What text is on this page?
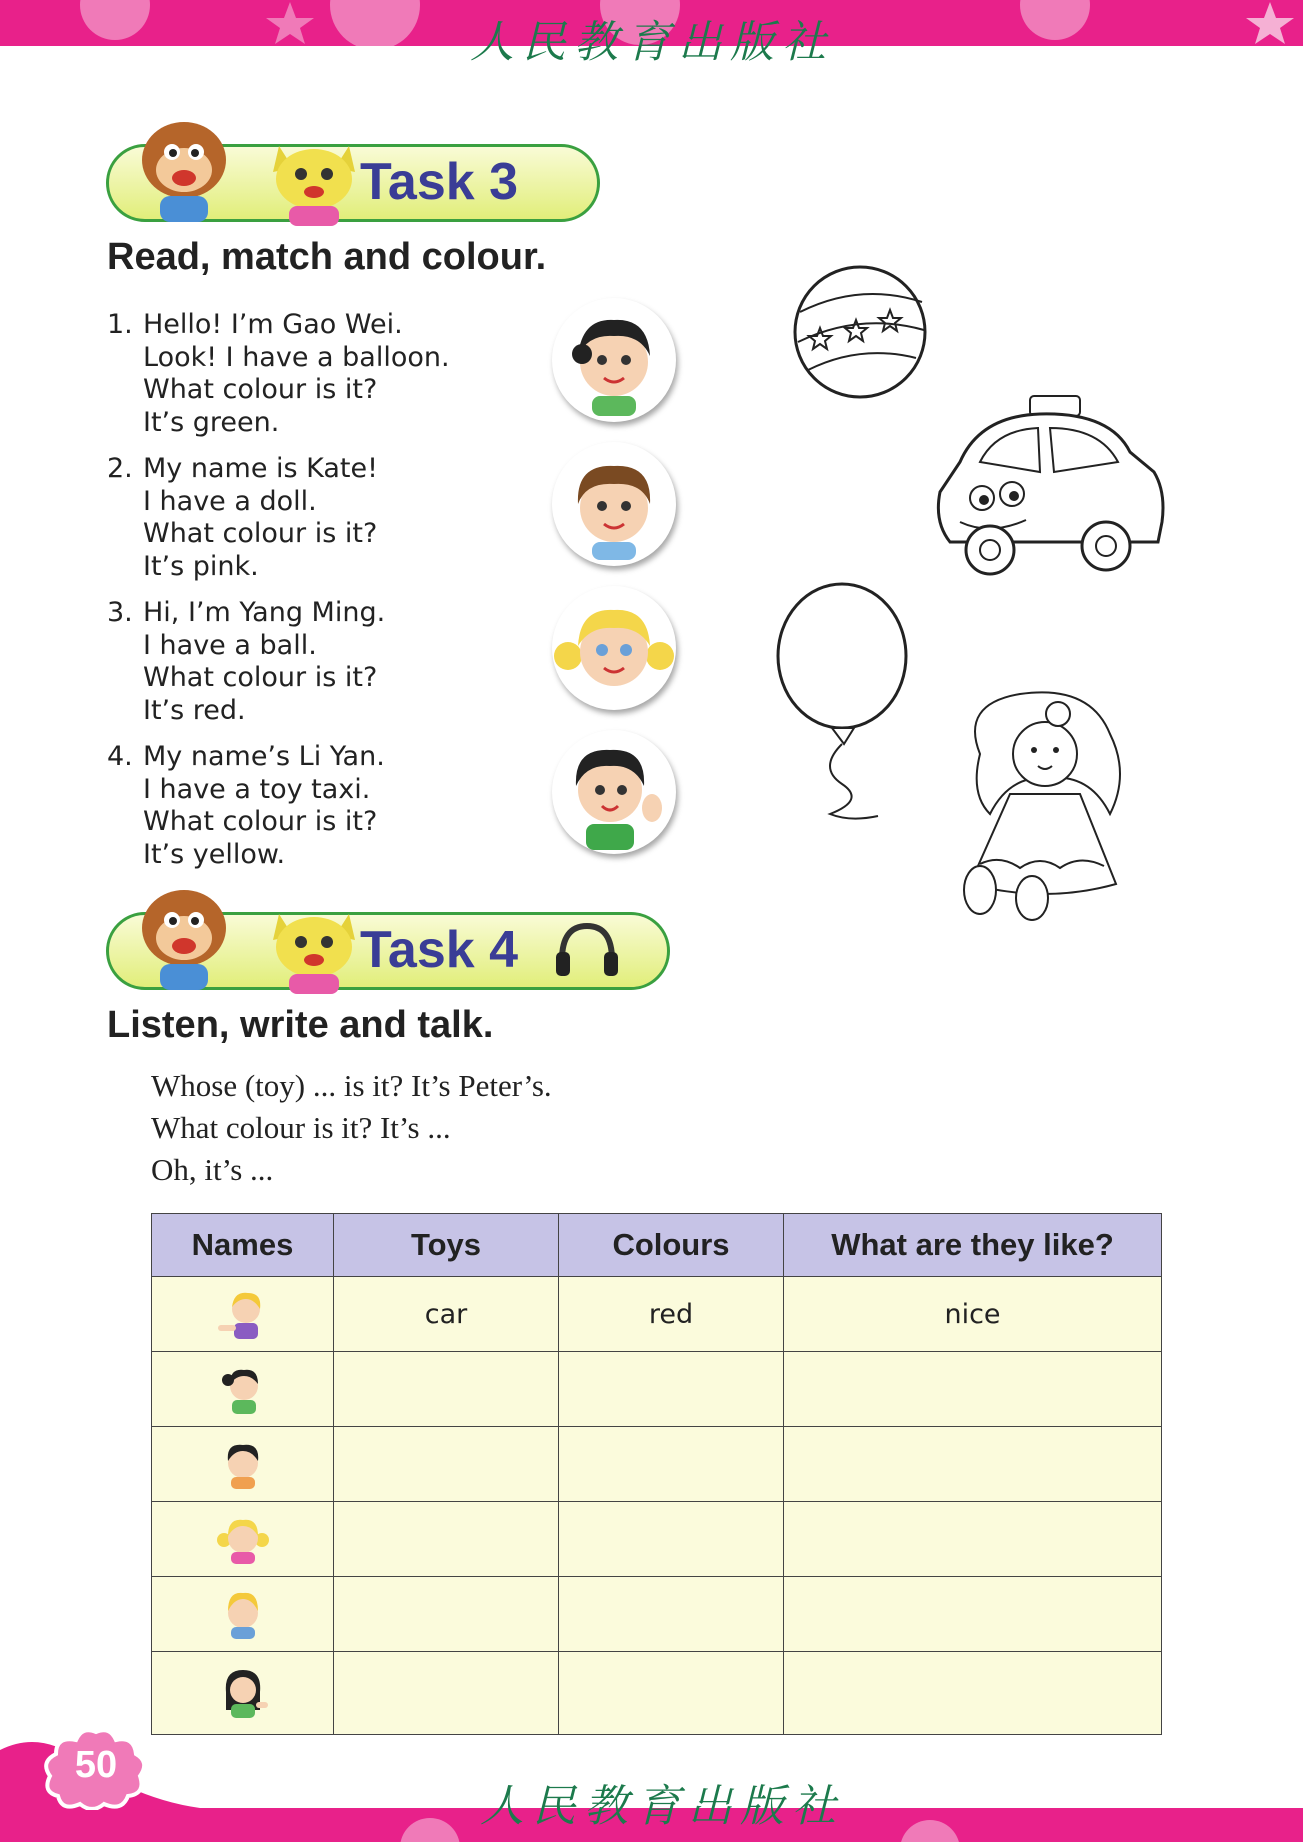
人民教育出版社
Task 3
Read, match and colour.
1. Hello! I’m Gao Wei.
Look! I have a balloon.
What colour is it?
It’s green.
2. My name is Kate!
I have a doll.
What colour is it?
It’s pink.
3. Hi, I’m Yang Ming.
I have a ball.
What colour is it?
It’s red.
4. My name’s Li Yan.
I have a toy taxi.
What colour is it?
It’s yellow.
Task 4
Listen, write and talk.
Whose (toy) ... is it? It’s Peter’s.
What colour is it? It’s ...
Oh, it’s ...
Names	Toys	Colours	What are they like?
	car	red	nice

50
人民教育出版社
